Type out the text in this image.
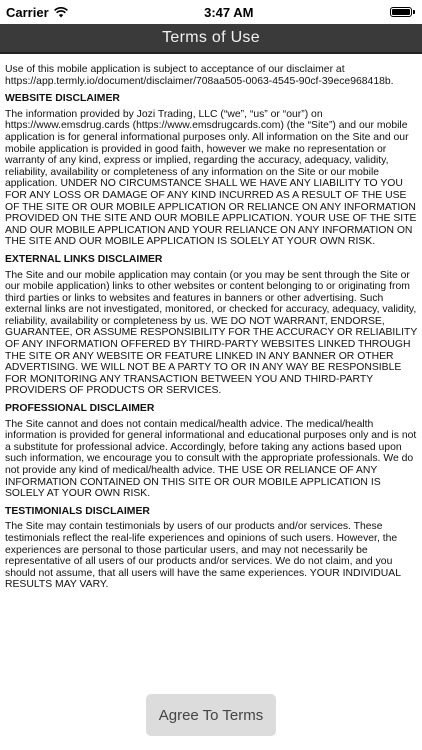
Carrier	3:47 AM
Terms of Use

Use of this mobile application is subject to acceptance of our disclaimer at https://app.termly.io/document/disclaimer/708aa505-0063-4545-90cf-39ece968418b.

WEBSITE DISCLAIMER

The information provided by Jozi Trading, LLC (“we”, “us” or “our”) on https://www.emsdrug.cards (https://www.emsdrugcards.com) (the “Site”) and our mobile application is for general informational purposes only. All information on the Site and our mobile application is provided in good faith, however we make no representation or warranty of any kind, express or implied, regarding the accuracy, adequacy, validity, reliability, availability or completeness of any information on the Site or our mobile application. UNDER NO CIRCUMSTANCE SHALL WE HAVE ANY LIABILITY TO YOU FOR ANY LOSS OR DAMAGE OF ANY KIND INCURRED AS A RESULT OF THE USE OF THE SITE OR OUR MOBILE APPLICATION OR RELIANCE ON ANY INFORMATION PROVIDED ON THE SITE AND OUR MOBILE APPLICATION. YOUR USE OF THE SITE AND OUR MOBILE APPLICATION AND YOUR RELIANCE ON ANY INFORMATION ON THE SITE AND OUR MOBILE APPLICATION IS SOLELY AT YOUR OWN RISK.

EXTERNAL LINKS DISCLAIMER

The Site and our mobile application may contain (or you may be sent through the Site or our mobile application) links to other websites or content belonging to or originating from third parties or links to websites and features in banners or other advertising. Such external links are not investigated, monitored, or checked for accuracy, adequacy, validity, reliability, availability or completeness by us. WE DO NOT WARRANT, ENDORSE, GUARANTEE, OR ASSUME RESPONSIBILITY FOR THE ACCURACY OR RELIABILITY OF ANY INFORMATION OFFERED BY THIRD-PARTY WEBSITES LINKED THROUGH THE SITE OR ANY WEBSITE OR FEATURE LINKED IN ANY BANNER OR OTHER ADVERTISING. WE WILL NOT BE A PARTY TO OR IN ANY WAY BE RESPONSIBLE FOR MONITORING ANY TRANSACTION BETWEEN YOU AND THIRD-PARTY PROVIDERS OF PRODUCTS OR SERVICES.

PROFESSIONAL DISCLAIMER

The Site cannot and does not contain medical/health advice. The medical/health information is provided for general informational and educational purposes only and is not a substitute for professional advice. Accordingly, before taking any actions based upon such information, we encourage you to consult with the appropriate professionals. We do not provide any kind of medical/health advice. THE USE OR RELIANCE OF ANY INFORMATION CONTAINED ON THIS SITE OR OUR MOBILE APPLICATION IS SOLELY AT YOUR OWN RISK.

TESTIMONIALS DISCLAIMER

The Site may contain testimonials by users of our products and/or services. These testimonials reflect the real-life experiences and opinions of such users. However, the experiences are personal to those particular users, and may not necessarily be representative of all users of our products and/or services. We do not claim, and you should not assume, that all users will have the same experiences. YOUR INDIVIDUAL RESULTS MAY VARY.

Agree To Terms
